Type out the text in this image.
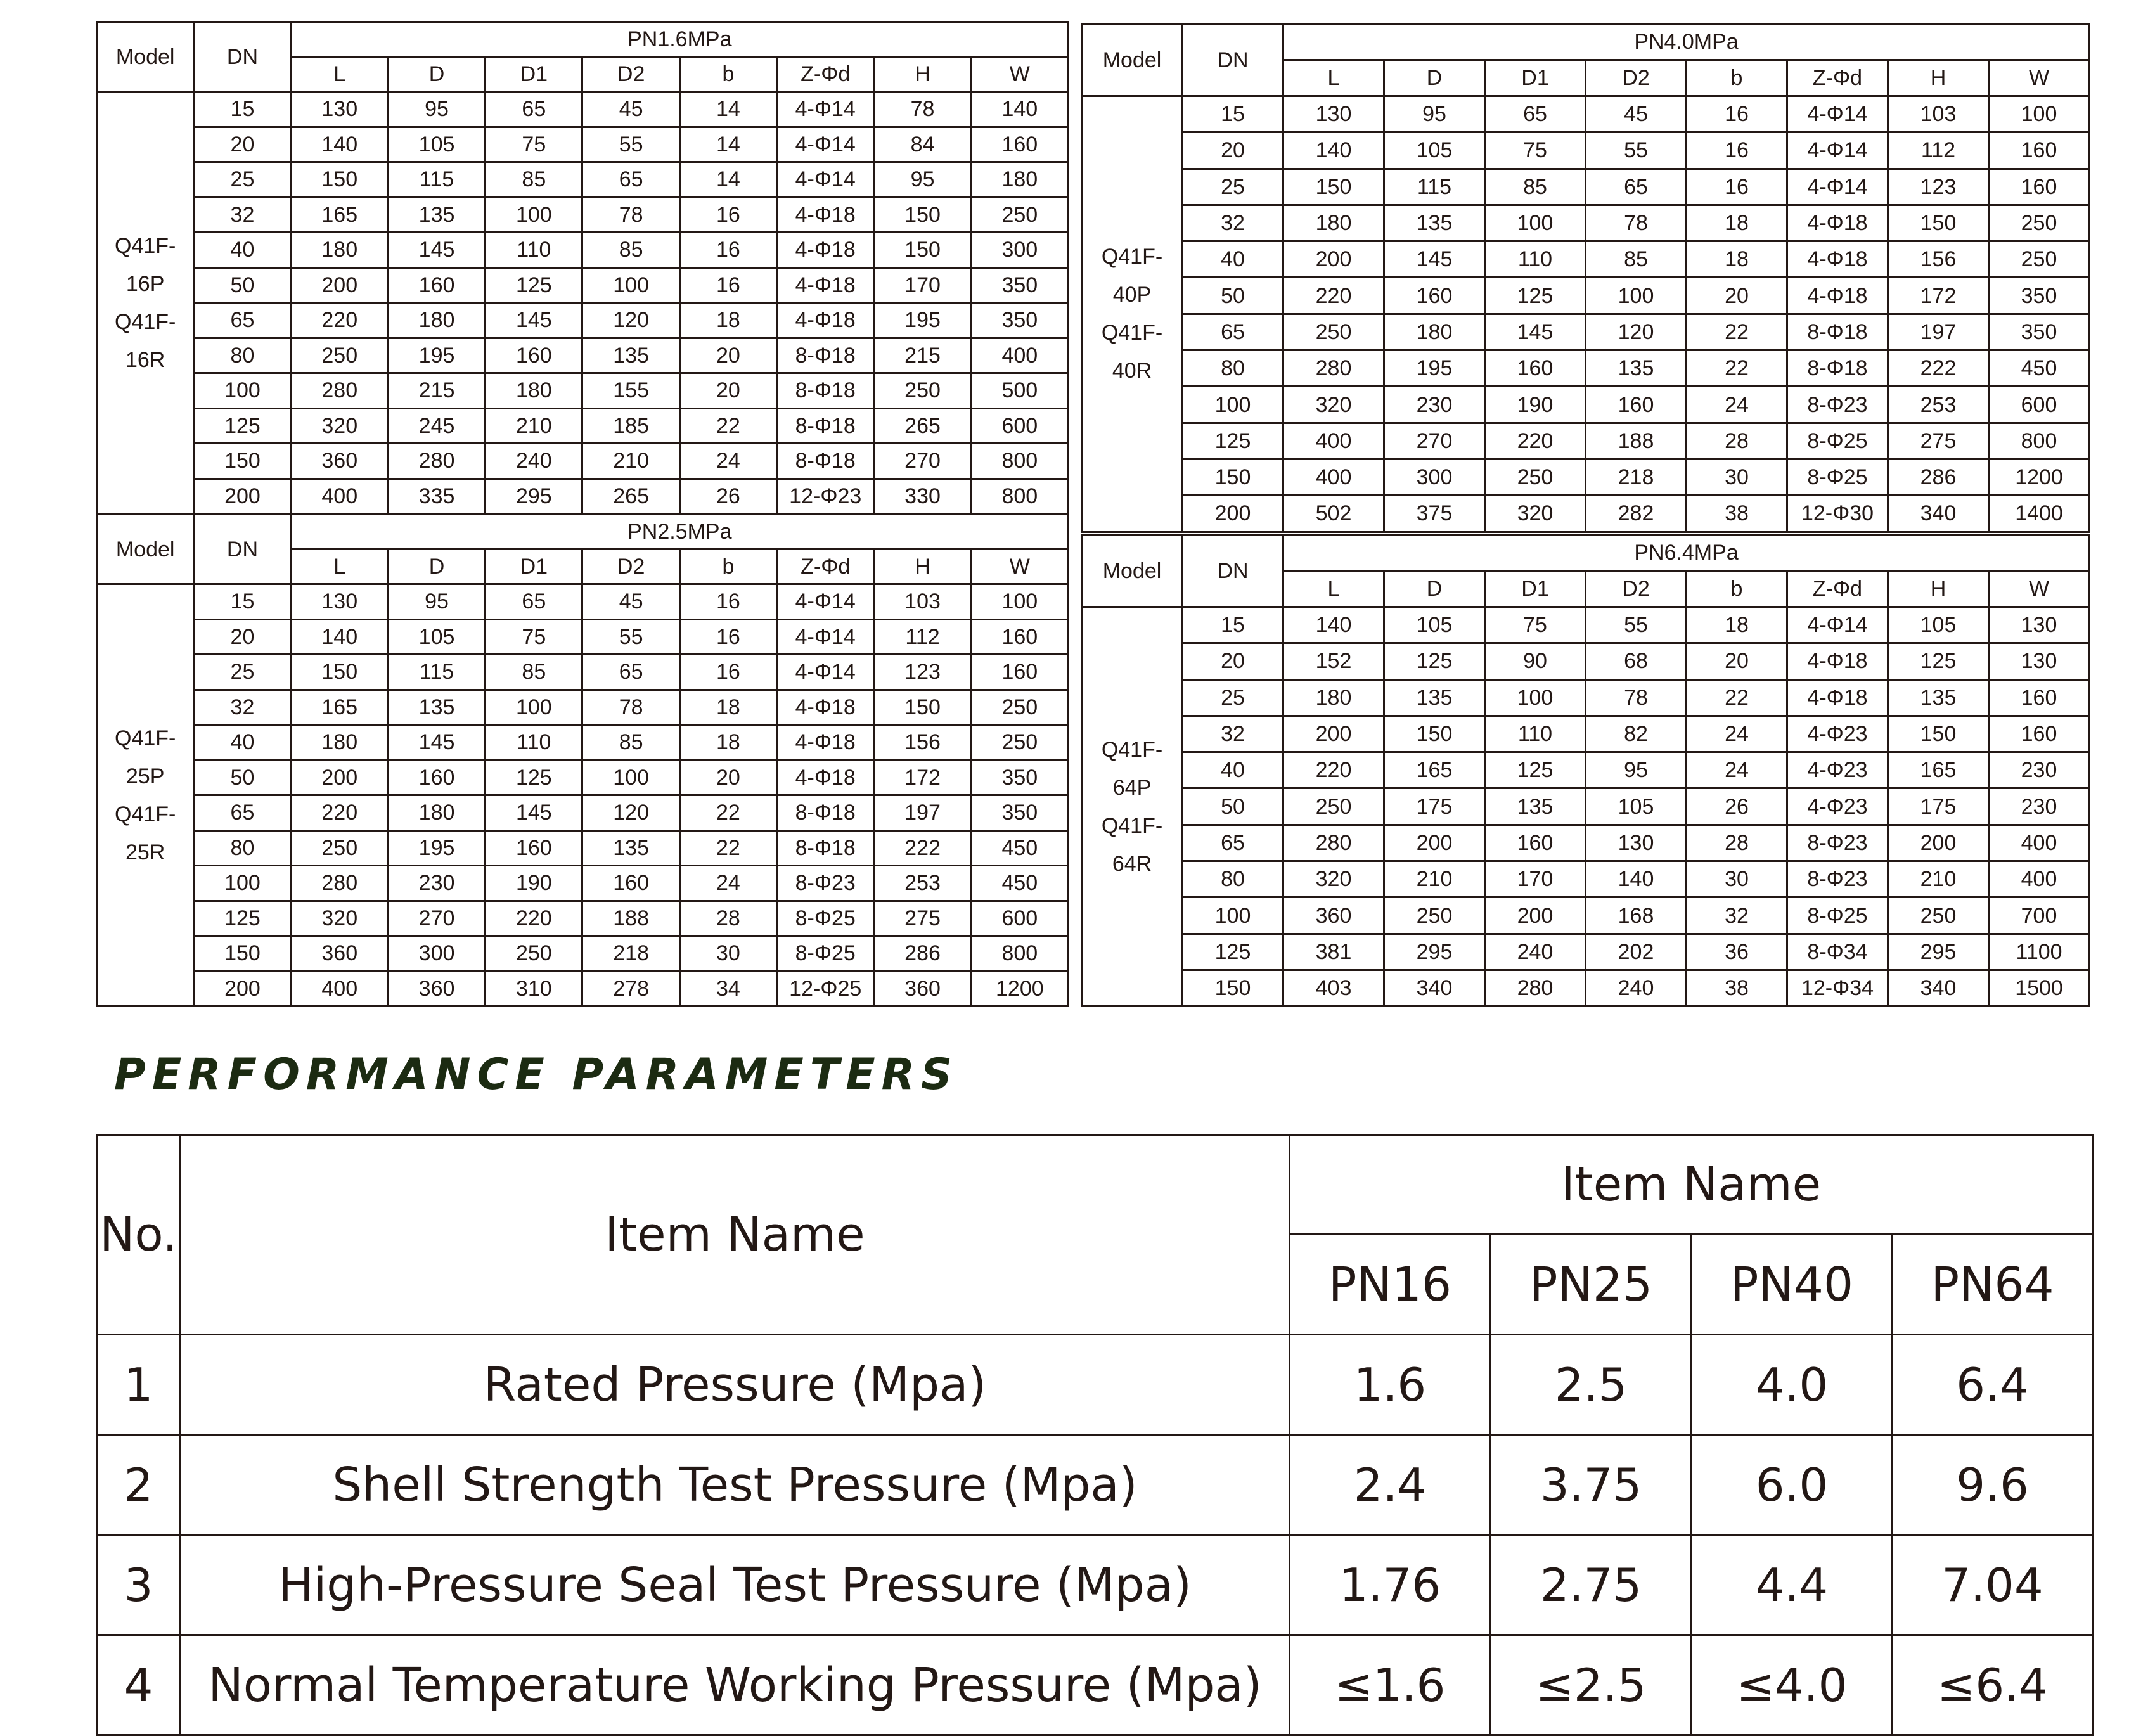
Model	DN	PN1.6MPa							
		L	D	D1	D2	b	Z-Φd	H	W

Q41F-
16P
Q41F-
16R	15	130	95	65	45	14	4-Φ14	78	140
	20	140	105	75	55	14	4-Φ14	84	160
	25	150	115	85	65	14	4-Φ14	95	180
	32	165	135	100	78	16	4-Φ18	150	250
	40	180	145	110	85	16	4-Φ18	150	300
	50	200	160	125	100	16	4-Φ18	170	350
	65	220	180	145	120	18	4-Φ18	195	350
	80	250	195	160	135	20	8-Φ18	215	400
	100	280	215	180	155	20	8-Φ18	250	500
	125	320	245	210	185	22	8-Φ18	265	600
	150	360	280	240	210	24	8-Φ18	270	800
	200	400	335	295	265	26	12-Φ23	330	800
Model	DN	PN2.5MPa							
		L	D	D1	D2	b	Z-Φd	H	W

Q41F-
25P
Q41F-
25R	15	130	95	65	45	16	4-Φ14	103	100
	20	140	105	75	55	16	4-Φ14	112	160
	25	150	115	85	65	16	4-Φ14	123	160
	32	165	135	100	78	18	4-Φ18	150	250
	40	180	145	110	85	18	4-Φ18	156	250
	50	200	160	125	100	20	4-Φ18	172	350
	65	220	180	145	120	22	8-Φ18	197	350
	80	250	195	160	135	22	8-Φ18	222	450
	100	280	230	190	160	24	8-Φ23	253	450
	125	320	270	220	188	28	8-Φ25	275	600
	150	360	300	250	218	30	8-Φ25	286	800
	200	400	360	310	278	34	12-Φ25	360	1200
Model	DN	PN4.0MPa							
		L	D	D1	D2	b	Z-Φd	H	W

Q41F-
40P
Q41F-
40R	15	130	95	65	45	16	4-Φ14	103	100
	20	140	105	75	55	16	4-Φ14	112	160
	25	150	115	85	65	16	4-Φ14	123	160
	32	180	135	100	78	18	4-Φ18	150	250
	40	200	145	110	85	18	4-Φ18	156	250
	50	220	160	125	100	20	4-Φ18	172	350
	65	250	180	145	120	22	8-Φ18	197	350
	80	280	195	160	135	22	8-Φ18	222	450
	100	320	230	190	160	24	8-Φ23	253	600
	125	400	270	220	188	28	8-Φ25	275	800
	150	400	300	250	218	30	8-Φ25	286	1200
	200	502	375	320	282	38	12-Φ30	340	1400
Model	DN	PN6.4MPa							
		L	D	D1	D2	b	Z-Φd	H	W

Q41F-
64P
Q41F-
64R	15	140	105	75	55	18	4-Φ14	105	130
	20	152	125	90	68	20	4-Φ18	125	130
	25	180	135	100	78	22	4-Φ18	135	160
	32	200	150	110	82	24	4-Φ23	150	160
	40	220	165	125	95	24	4-Φ23	165	230
	50	250	175	135	105	26	4-Φ23	175	230
	65	280	200	160	130	28	8-Φ23	200	400
	80	320	210	170	140	30	8-Φ23	210	400
	100	360	250	200	168	32	8-Φ25	250	700
	125	381	295	240	202	36	8-Φ34	295	1100
	150	403	340	280	240	38	12-Φ34	340	1500
PERFORMANCE PARAMETERS
No.	Item Name	Item Name			
		PN16	PN25	PN40	PN64
1	Rated Pressure (Mpa)	1.6	2.5	4.0	6.4
2	Shell Strength Test Pressure (Mpa)	2.4	3.75	6.0	9.6
3	High-Pressure Seal Test Pressure (Mpa)	1.76	2.75	4.4	7.04
4	Normal Temperature Working Pressure (Mpa)	≤1.6	≤2.5	≤4.0	≤6.4
